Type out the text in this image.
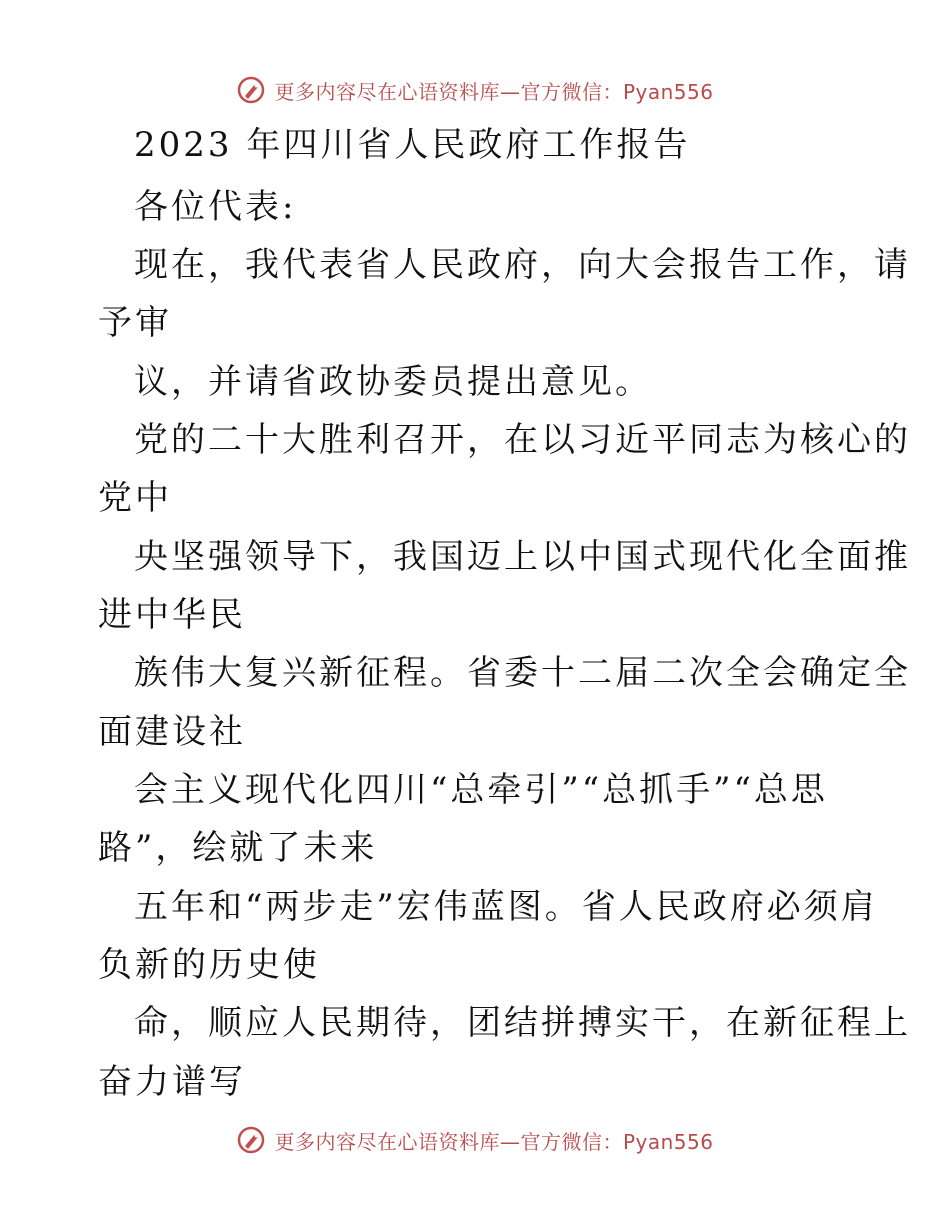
更多内容尽在心语资料库—官方微信：Pyan556
2023 年四川省人民政府工作报告
各位代表:
现在，我代表省人民政府，向大会报告工作，请
予审
议，并请省政协委员提出意见。
党的二十大胜利召开，在以习近平同志为核心的
党中
央坚强领导下，我国迈上以中国式现代化全面推
进中华民
族伟大复兴新征程。省委十二届二次全会确定全
面建设社
会主义现代化四川“总牵引”“总抓手”“总思
路”，绘就了未来
五年和“两步走”宏伟蓝图。省人民政府必须肩
负新的历史使
命，顺应人民期待，团结拼搏实干，在新征程上
奋力谱写
更多内容尽在心语资料库—官方微信：Pyan556
